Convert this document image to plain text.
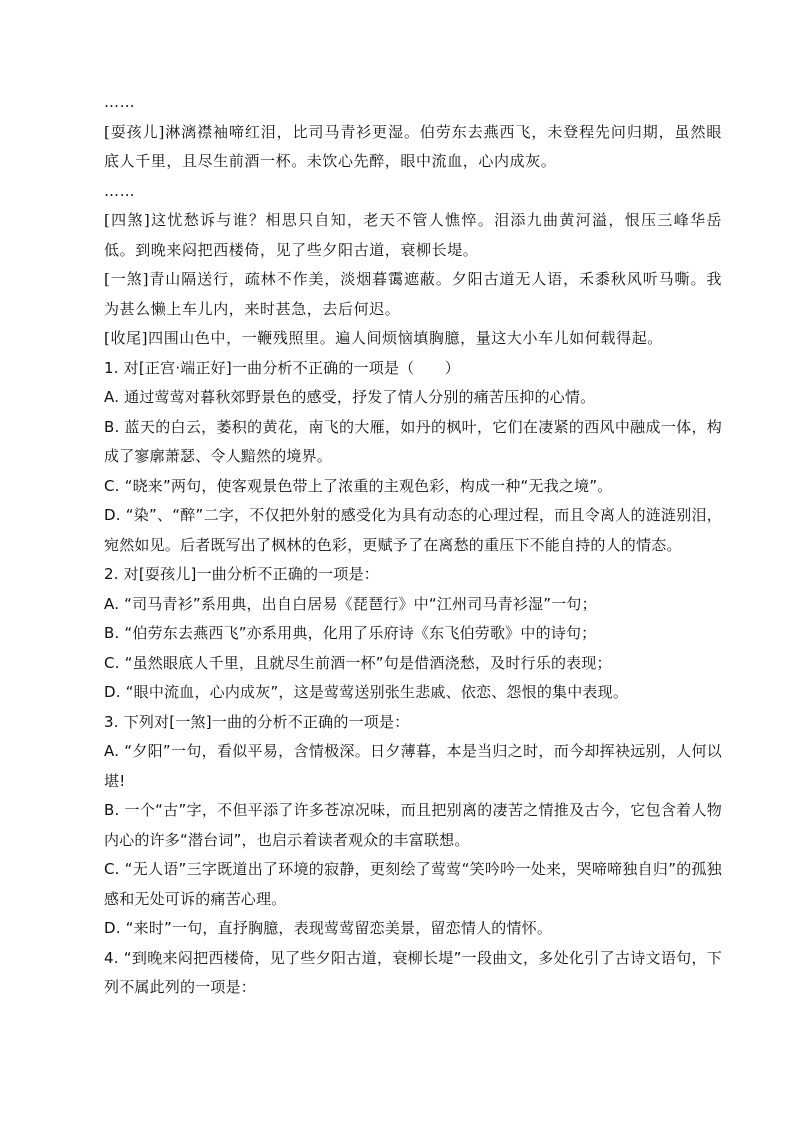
……

[耍孩儿]淋漓襟袖啼红泪，比司马青衫更湿。伯劳东去燕西飞，未登程先问归期，虽然眼底人千里，且尽生前酒一杯。未饮心先醉，眼中流血，心内成灰。

……

[四煞]这忧愁诉与谁？相思只自知，老天不管人憔悴。泪添九曲黄河溢，恨压三峰华岳低。到晚来闷把西楼倚，见了些夕阳古道，衰柳长堤。

[一煞]青山隔送行，疏林不作美，淡烟暮霭遮蔽。夕阳古道无人语，禾黍秋风听马嘶。我为甚么懒上车儿内，来时甚急，去后何迟。

[收尾]四围山色中，一鞭残照里。遍人间烦恼填胸臆，量这大小车儿如何载得起。

1. 对[正宫·端正好]一曲分析不正确的一项是（　　）

A. 通过莺莺对暮秋郊野景色的感受，抒发了情人分别的痛苦压抑的心情。

B. 蓝天的白云，萎积的黄花，南飞的大雁，如丹的枫叶，它们在凄紧的西风中融成一体，构成了寥廓萧瑟、令人黯然的境界。

C. “晓来”两句，使客观景色带上了浓重的主观色彩，构成一种“无我之境”。

D. “染”、“醉”二字，不仅把外射的感受化为具有动态的心理过程，而且令离人的涟涟别泪，宛然如见。后者既写出了枫林的色彩，更赋予了在离愁的重压下不能自持的人的情态。

2. 对[耍孩儿]一曲分析不正确的一项是：

A. “司马青衫”系用典，出自白居易《琵琶行》中“江州司马青衫湿”一句；

B. “伯劳东去燕西飞”亦系用典，化用了乐府诗《东飞伯劳歌》中的诗句；

C. “虽然眼底人千里，且就尽生前酒一杯”句是借酒浇愁，及时行乐的表现；

D. “眼中流血，心内成灰”，这是莺莺送别张生悲戚、依恋、怨恨的集中表现。

3. 下列对[一煞]一曲的分析不正确的一项是：

A. “夕阳”一句，看似平易，含情极深。日夕薄暮，本是当归之时，而今却挥袂远别，人何以堪!

B. 一个“古”字，不但平添了许多苍凉况味，而且把别离的凄苦之情推及古今，它包含着人物内心的许多“潜台词”，也启示着读者观众的丰富联想。

C. “无人语”三字既道出了环境的寂静，更刻绘了莺莺“笑吟吟一处来，哭啼啼独自归”的孤独感和无处可诉的痛苦心理。

D. “来时”一句，直抒胸臆，表现莺莺留恋美景，留恋情人的情怀。

4. “到晚来闷把西楼倚，见了些夕阳古道，衰柳长堤”一段曲文，多处化引了古诗文语句，下列不属此列的一项是：
